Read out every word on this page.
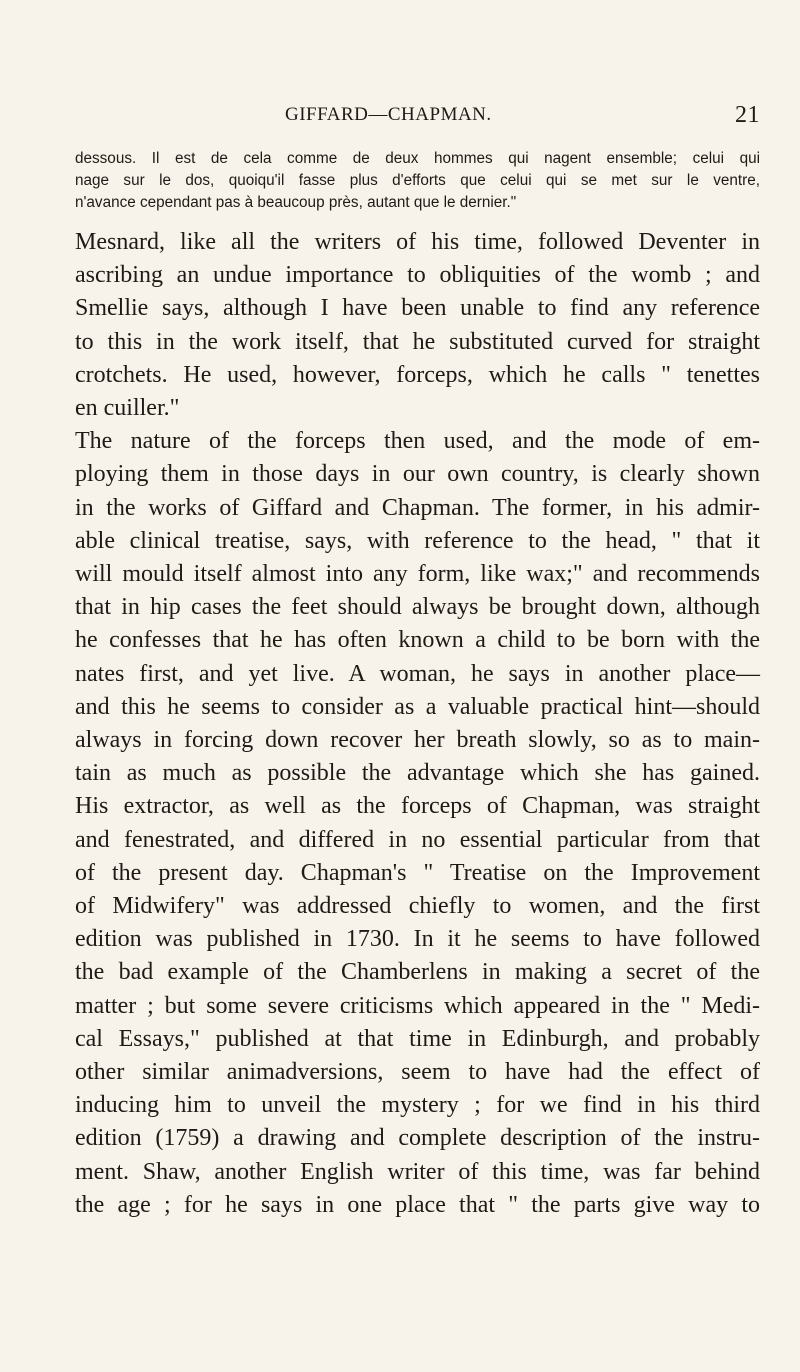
GIFFARD—CHAPMAN.	21
dessous. Il est de cela comme de deux hommes qui nagent ensemble; celui qui
nage sur le dos, quoiqu'il fasse plus d'efforts que celui qui se met sur le ventre,
n'avance cependant pas à beaucoup près, autant que le dernier."

Mesnard, like all the writers of his time, followed Deventer in
ascribing an undue importance to obliquities of the womb ; and
Smellie says, although I have been unable to find any reference
to this in the work itself, that he substituted curved for straight
crotchets. He used, however, forceps, which he calls " tenettes
en cuiller."

The nature of the forceps then used, and the mode of em-
ploying them in those days in our own country, is clearly shown
in the works of Giffard and Chapman. The former, in his admir-
able clinical treatise, says, with reference to the head, " that it
will mould itself almost into any form, like wax;" and recommends
that in hip cases the feet should always be brought down, although
he confesses that he has often known a child to be born with the
nates first, and yet live. A woman, he says in another place—
and this he seems to consider as a valuable practical hint—should
always in forcing down recover her breath slowly, so as to main-
tain as much as possible the advantage which she has gained.
His extractor, as well as the forceps of Chapman, was straight
and fenestrated, and differed in no essential particular from that
of the present day. Chapman's " Treatise on the Improvement
of Midwifery" was addressed chiefly to women, and the first
edition was published in 1730. In it he seems to have followed
the bad example of the Chamberlens in making a secret of the
matter ; but some severe criticisms which appeared in the " Medi-
cal Essays," published at that time in Edinburgh, and probably
other similar animadversions, seem to have had the effect of
inducing him to unveil the mystery ; for we find in his third
edition (1759) a drawing and complete description of the instru-
ment. Shaw, another English writer of this time, was far behind
the age ; for he says in one place that " the parts give way to
